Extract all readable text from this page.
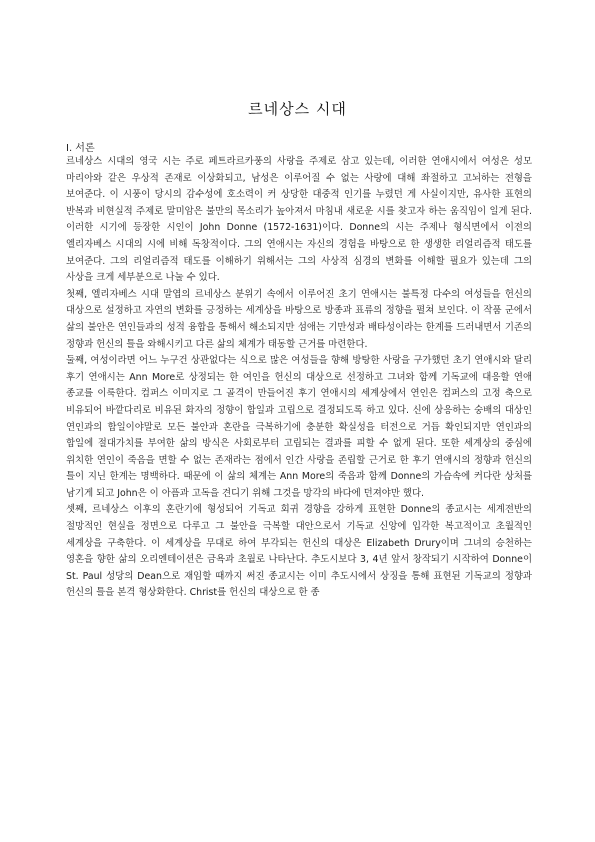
르네상스 시대
Ⅰ. 서론

르네상스 시대의 영국 시는 주로 페트라르카풍의 사랑을 주제로 삼고 있는데, 이러한 연애시에서 여성은 성모 마리아와 같은 우상적 존재로 이상화되고, 남성은 이루어질 수 없는 사랑에 대해 좌절하고 고뇌하는 전형을 보여준다. 이 시풍이 당시의 감수성에 호소력이 커 상당한 대중적 인기를 누렸던 게 사실이지만, 유사한 표현의 반복과 비현실적 주제로 말미암은 불만의 목소리가 높아져서 마침내 새로운 시를 찾고자 하는 움직임이 일게 된다. 이러한 시기에 등장한 시인이 John Donne (1572-1631)이다. Donne의 시는 주제나 형식면에서 이전의 엘리자베스 시대의 시에 비해 독창적이다. 그의 연애시는 자신의 경험을 바탕으로 한 생생한 리얼리즘적 태도를 보여준다. 그의 리얼리즘적 태도를 이해하기 위해서는 그의 사상적 심경의 변화를 이해할 필요가 있는데 그의 사상을 크게 세부분으로 나눌 수 있다.

첫째, 엘리자베스 시대 말엽의 르네상스 분위기 속에서 이루어진 초기 연애시는 불특정 다수의 여성들을 헌신의 대상으로 설정하고 자연의 변화를 긍정하는 세계상을 바탕으로 방종과 표류의 정향을 펼쳐 보인다. 이 작품 군에서 삶의 불안은 연인들과의 성적 융합을 통해서 해소되지만 섬애는 기만성과 배타성이라는 한계를 드러내면서 기존의 정향과 헌신의 틀을 와해시키고 다른 삶의 체계가 태동할 근거를 마련한다.

둘째, 여성이라면 어느 누구건 상관없다는 식으로 많은 여성들을 향해 방탕한 사랑을 구가했던 초기 연애시와 달리 후기 연애시는 Ann More로 상정되는 한 여인을 헌신의 대상으로 선정하고 그녀와 함께 기독교에 대응할 연애 종교를 이룩한다. 컴퍼스 이미지로 그 골격이 만들어진 후기 연애시의 세계상에서 연인은 컴퍼스의 고정 축으로 비유되어 바깥다리로 비유된 화자의 정향이 합일과 고립으로 결정되도록 하고 있다. 신에 상응하는 숭배의 대상인 연인과의 합일이야말로 모든 불안과 혼란을 극복하기에 충분한 확실성을 터전으로 거듭 확인되지만 연인과의 합일에 절대가치를 부여한 삶의 방식은 사회로부터 고립되는 결과를 피할 수 없게 된다. 또한 세계상의 중심에 위치한 연인이 죽음을 면할 수 없는 존재라는 점에서 인간 사랑을 존립할 근거로 한 후기 연애시의 정향과 헌신의 틀이 지닌 한계는 명백하다. 때문에 이 삶의 체계는 Ann More의 죽음과 함께 Donne의 가슴속에 커다란 상처를 남기게 되고 John은 이 아픔과 고독을 견디기 위해 그것을 망각의 바다에 던져야만 했다.

셋째, 르네상스 이후의 혼란기에 형성되어 기독교 회귀 경향을 강하게 표현한 Donne의 종교시는 세계전반의 절망적인 현실을 정면으로 다루고 그 불안을 극복할 대안으로서 기독교 신앙에 입각한 복고적이고 초월적인 세계상을 구축한다. 이 세계상을 무대로 하여 부각되는 헌신의 대상은 Elizabeth Drury이며 그녀의 승천하는 영혼을 향한 삶의 오리엔테이션은 금욕과 초월로 나타난다. 추도시보다 3, 4년 앞서 창작되기 시작하여 Donne이 St. Paul 성당의 Dean으로 재임할 때까지 써진 종교시는 이미 추도시에서 상징을 통해 표현된 기독교의 정향과 헌신의 틀을 본격 형상화한다. Christ를 헌신의 대상으로 한 종
